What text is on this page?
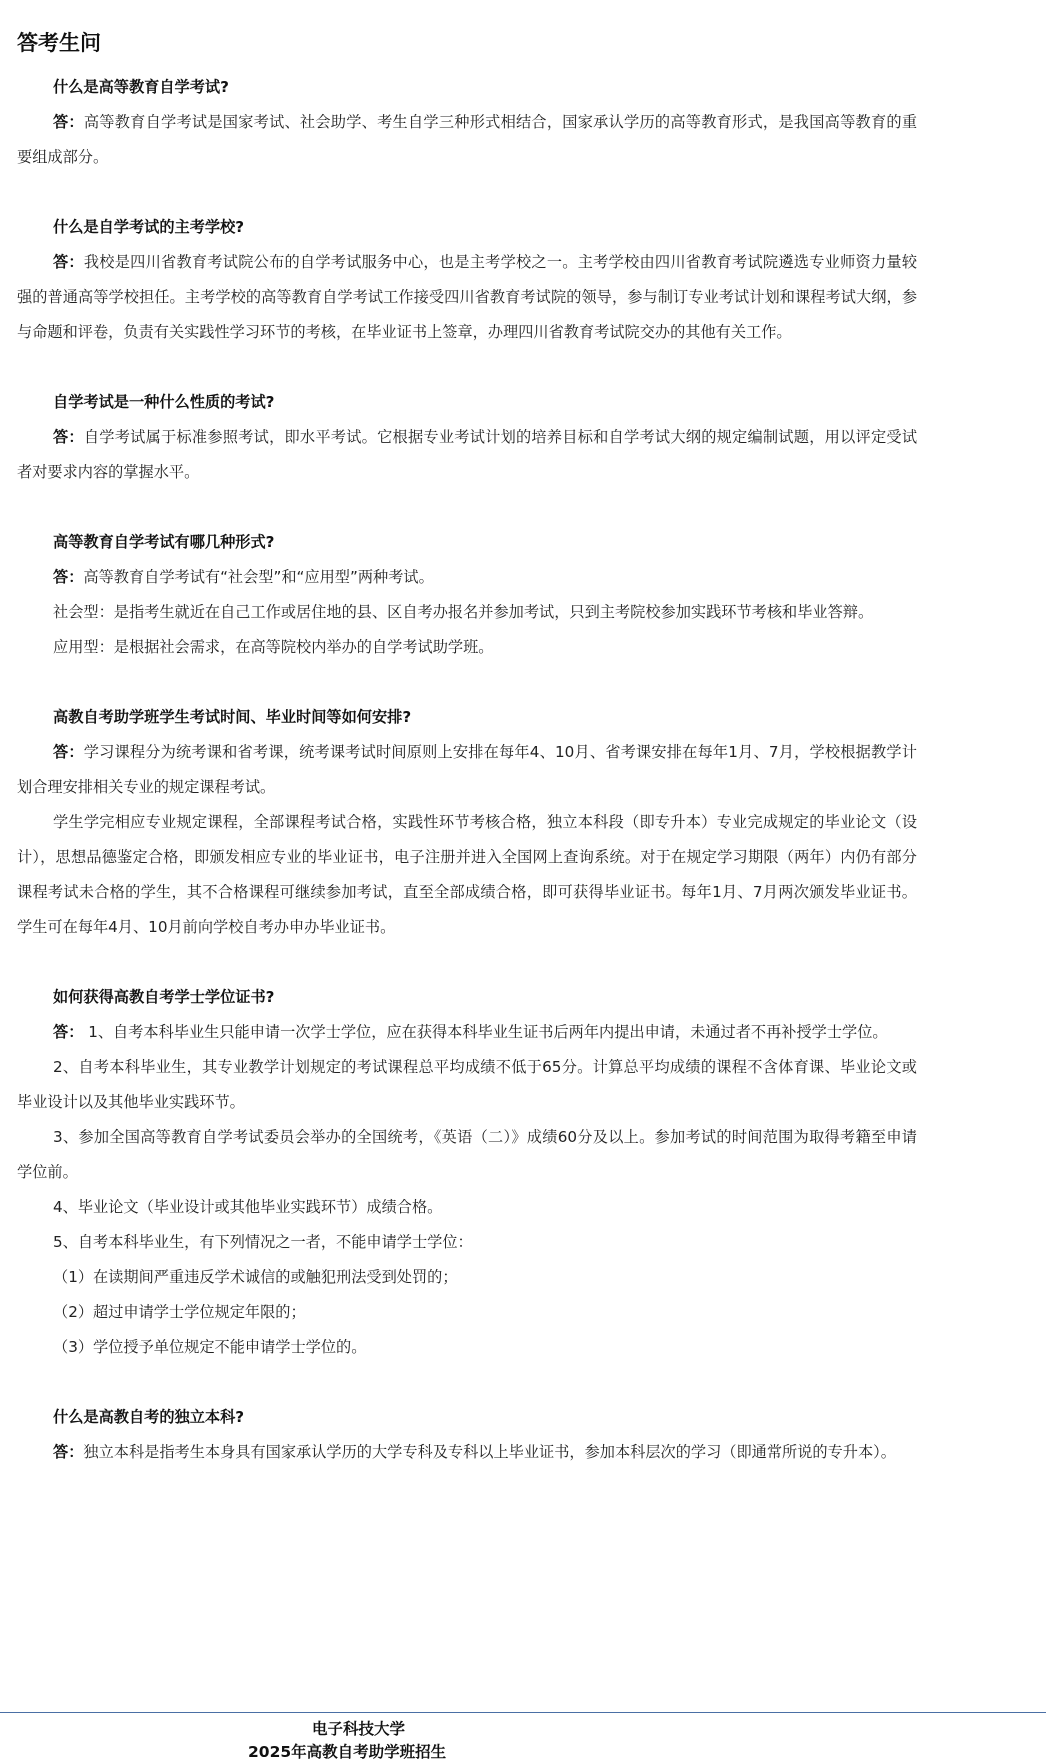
答考生问
什么是高等教育自学考试?

答：高等教育自学考试是国家考试、社会助学、考生自学三种形式相结合，国家承认学历的高等教育形式，是我国高等教育的重要组成部分。

什么是自学考试的主考学校?

答：我校是四川省教育考试院公布的自学考试服务中心，也是主考学校之一。主考学校由四川省教育考试院遴选专业师资力量较强的普通高等学校担任。主考学校的高等教育自学考试工作接受四川省教育考试院的领导，参与制订专业考试计划和课程考试大纲，参与命题和评卷，负责有关实践性学习环节的考核，在毕业证书上签章，办理四川省教育考试院交办的其他有关工作。

自学考试是一种什么性质的考试?

答：自学考试属于标准参照考试，即水平考试。它根据专业考试计划的培养目标和自学考试大纲的规定编制试题，用以评定受试者对要求内容的掌握水平。

高等教育自学考试有哪几种形式?

答：高等教育自学考试有“社会型”和“应用型”两种考试。

社会型：是指考生就近在自己工作或居住地的县、区自考办报名并参加考试，只到主考院校参加实践环节考核和毕业答辩。

应用型：是根据社会需求，在高等院校内举办的自学考试助学班。

高教自考助学班学生考试时间、毕业时间等如何安排?

答：学习课程分为统考课和省考课，统考课考试时间原则上安排在每年4、10月、省考课安排在每年1月、7月，学校根据教学计划合理安排相关专业的规定课程考试。

学生学完相应专业规定课程，全部课程考试合格，实践性环节考核合格，独立本科段（即专升本）专业完成规定的毕业论文（设计），思想品德鉴定合格，即颁发相应专业的毕业证书，电子注册并进入全国网上查询系统。对于在规定学习期限（两年）内仍有部分课程考试未合格的学生，其不合格课程可继续参加考试，直至全部成绩合格，即可获得毕业证书。每年1月、7月两次颁发毕业证书。学生可在每年4月、10月前向学校自考办申办毕业证书。

如何获得高教自考学士学位证书?

答： 1、自考本科毕业生只能申请一次学士学位，应在获得本科毕业生证书后两年内提出申请，未通过者不再补授学士学位。

2、自考本科毕业生，其专业教学计划规定的考试课程总平均成绩不低于65分。计算总平均成绩的课程不含体育课、毕业论文或毕业设计以及其他毕业实践环节。

3、参加全国高等教育自学考试委员会举办的全国统考，《英语（二）》成绩60分及以上。参加考试的时间范围为取得考籍至申请学位前。

4、毕业论文（毕业设计或其他毕业实践环节）成绩合格。

5、自考本科毕业生，有下列情况之一者，不能申请学士学位：

（1）在读期间严重违反学术诚信的或触犯刑法受到处罚的；

（2）超过申请学士学位规定年限的；

（3）学位授予单位规定不能申请学士学位的。

什么是高教自考的独立本科?

答：独立本科是指考生本身具有国家承认学历的大学专科及专科以上毕业证书，参加本科层次的学习（即通常所说的专升本）。

电子科技大学
2025年高教自考助学班招生
